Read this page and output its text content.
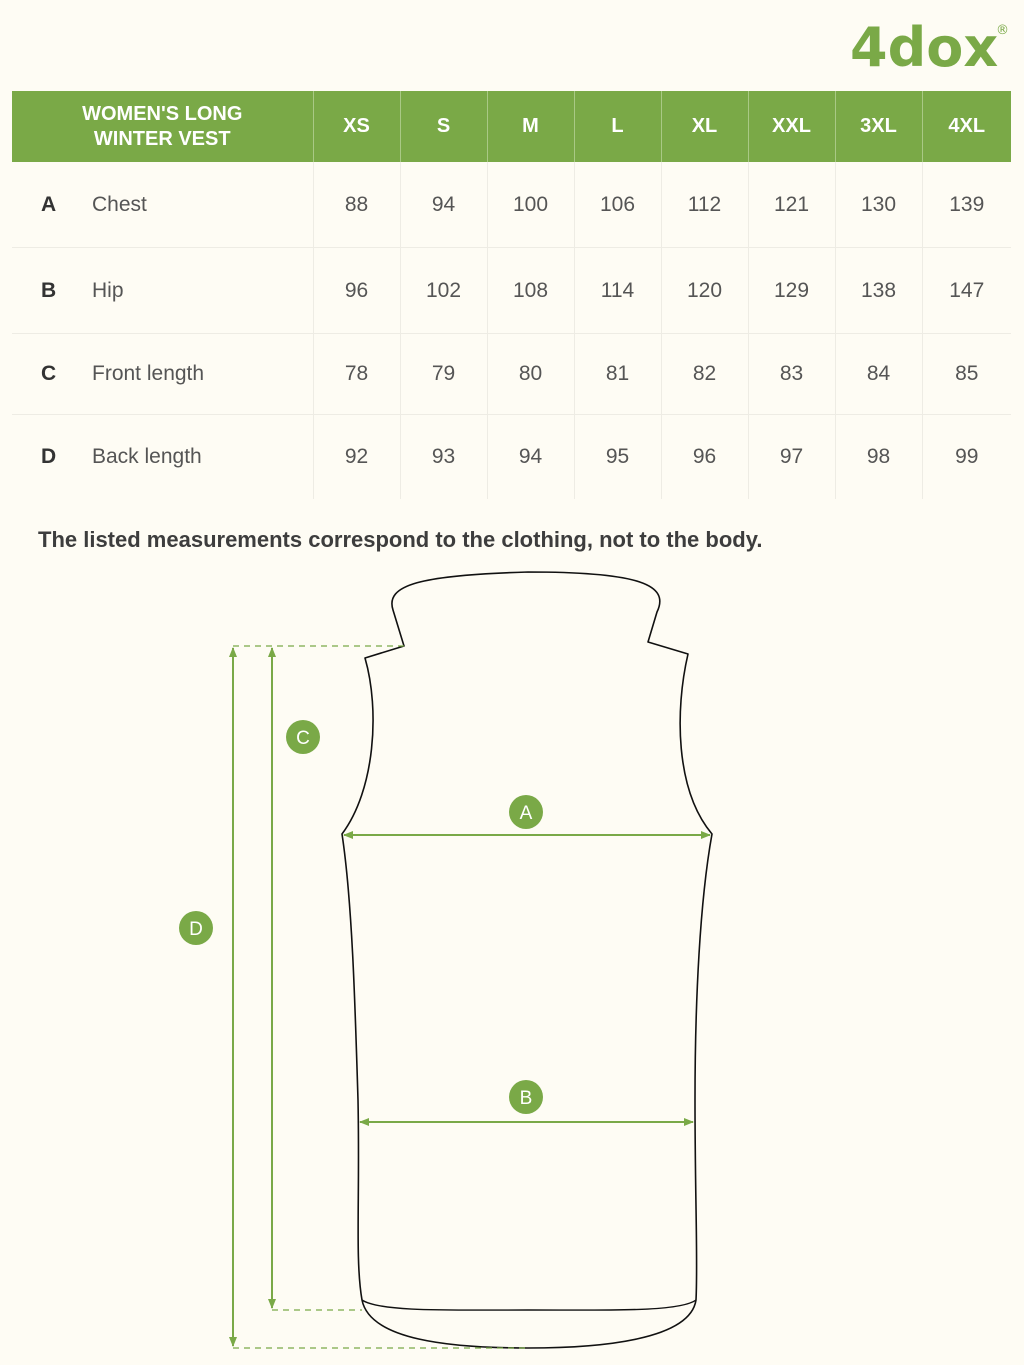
4dox
®
WOMEN'S LONG
WINTER VEST	XS	S	M	L	XL	XXL	3XL	4XL

A Chest	88	94	100	106	112	121	130	139

B Hip	96	102	108	114	120	129	138	147

C Front length	78	79	80	81	82	83	84	85

D Back length	92	93	94	95	96	97	98	99
The listed measurements correspond to the clothing, not to the body.
A
B
C
D
